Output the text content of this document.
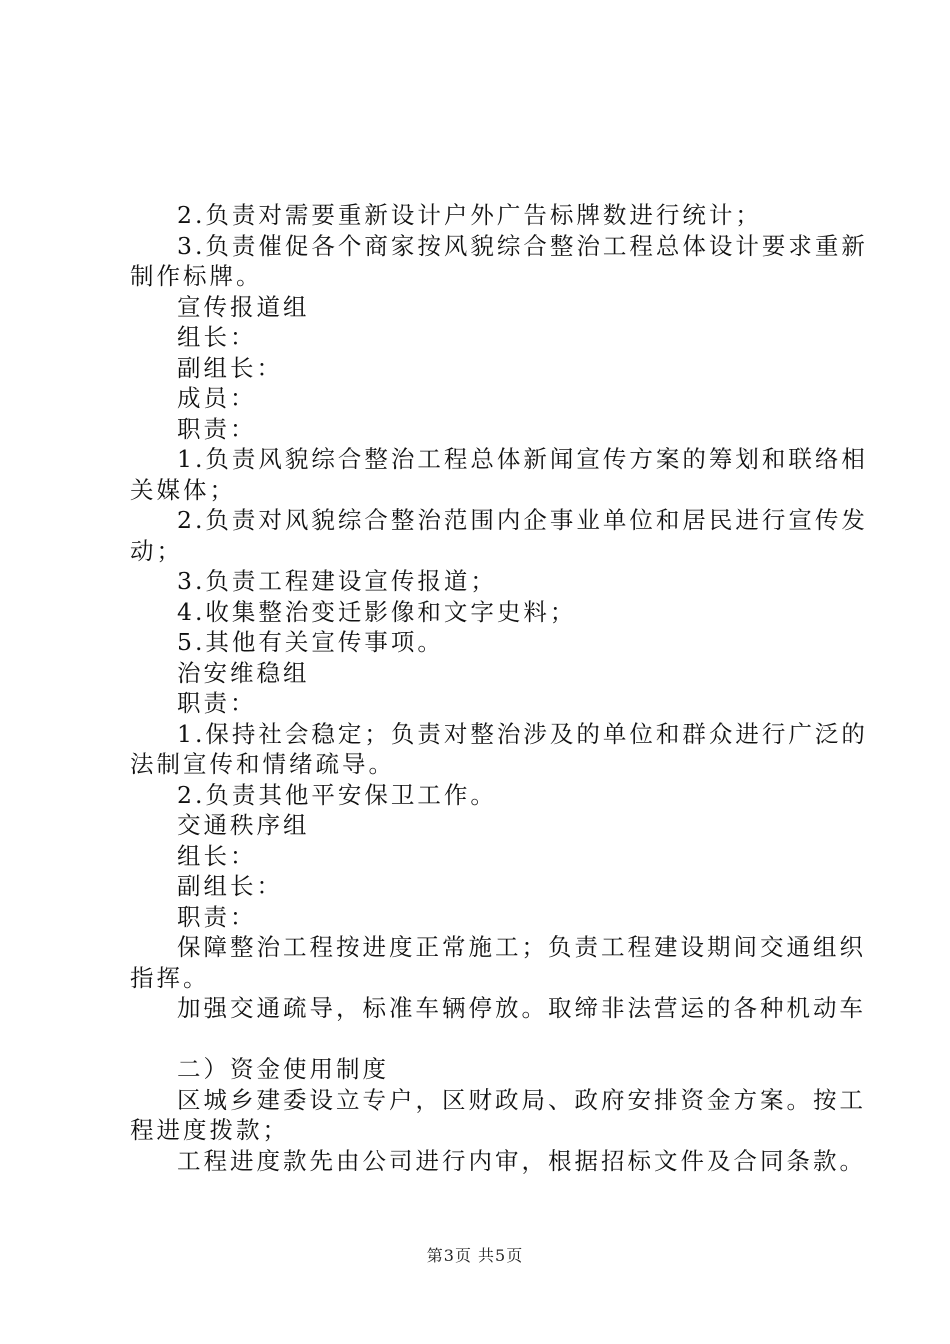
2.负责对需要重新设计户外广告标牌数进行统计；
3.负责催促各个商家按风貌综合整治工程总体设计要求重新
制作标牌。
宣传报道组
组长：
副组长：
成员：
职责：
1.负责风貌综合整治工程总体新闻宣传方案的筹划和联络相
关媒体；
2.负责对风貌综合整治范围内企事业单位和居民进行宣传发
动；
3.负责工程建设宣传报道；
4.收集整治变迁影像和文字史料；
5.其他有关宣传事项。
治安维稳组
职责：
1.保持社会稳定；负责对整治涉及的单位和群众进行广泛的
法制宣传和情绪疏导。
2.负责其他平安保卫工作。
交通秩序组
组长：
副组长：
职责：
保障整治工程按进度正常施工；负责工程建设期间交通组织
指挥。
加强交通疏导，标准车辆停放。取缔非法营运的各种机动车
二）资金使用制度
区城乡建委设立专户，区财政局、政府安排资金方案。按工
程进度拨款；
工程进度款先由公司进行内审，根据招标文件及合同条款。
第3页 共5页
